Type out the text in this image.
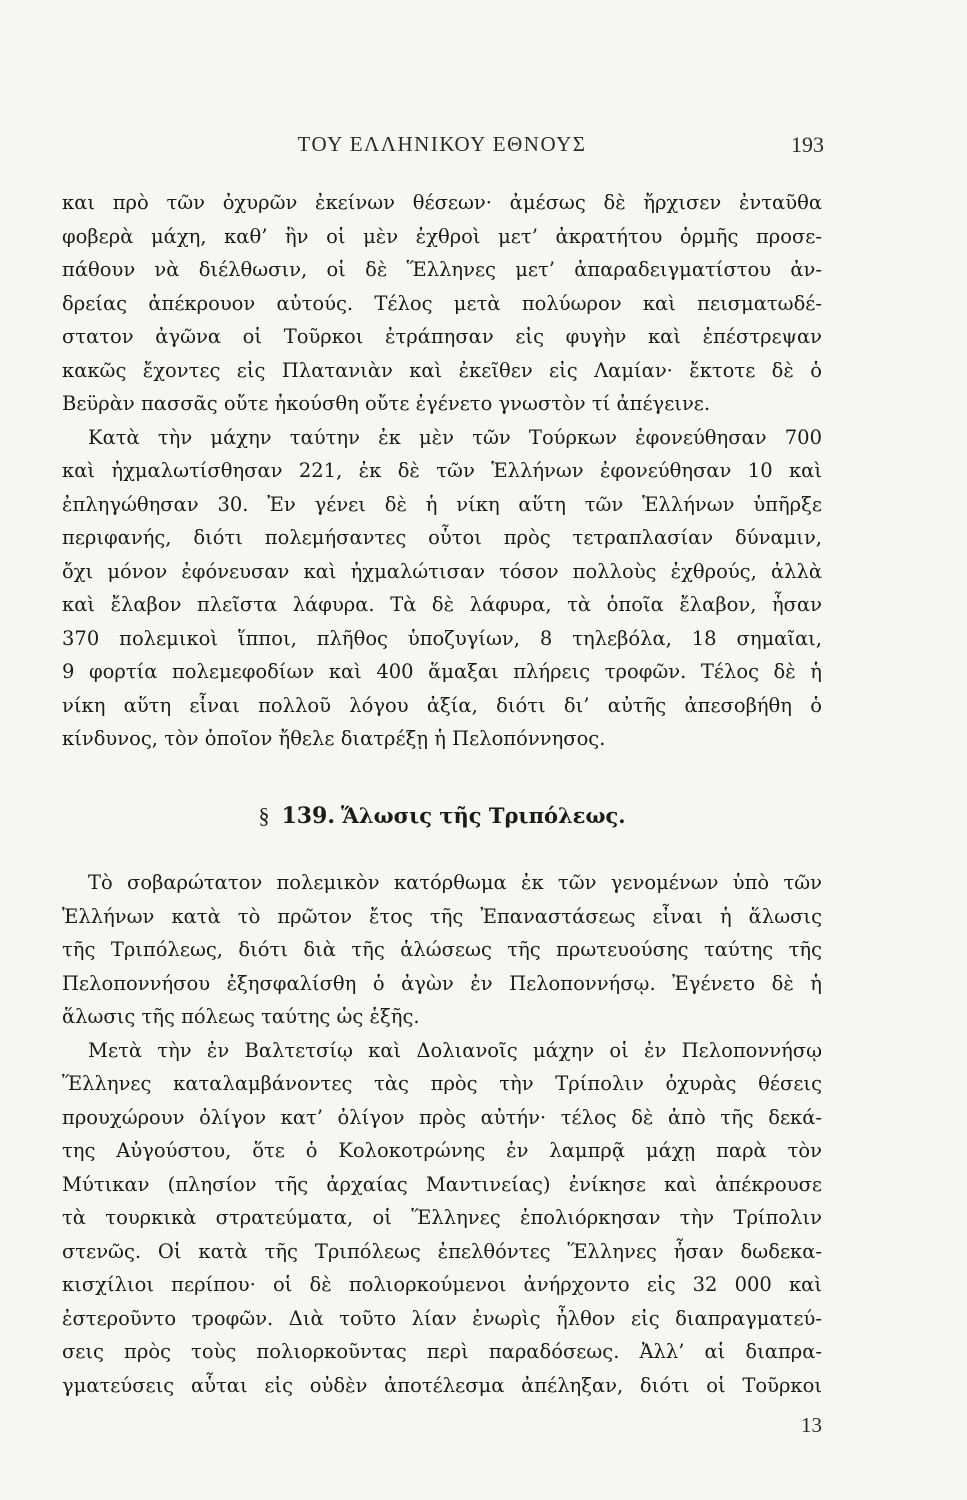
ΤΟΥ ΕΛΛΗΝΙΚΟΥ ΕΘΝΟΥΣ	193
και πρὸ τῶν ὀχυρῶν ἐκείνων θέσεων· ἀμέσως δὲ ἤρχισεν ἐνταῦθα
φοβερὰ μάχη, καθ’ ἣν οἱ μὲν ἐχθροὶ μετ’ ἀκρατήτου ὁρμῆς προσε-
πάθουν νὰ διέλθωσιν, οἱ δὲ Ἕλληνες μετ’ ἀπαραδειγματίστου ἀν-
δρείας ἀπέκρουον αὐτούς. Τέλος μετὰ πολύωρον καὶ πεισματωδέ-
στατον ἀγῶνα οἱ Τοῦρκοι ἐτράπησαν εἰς φυγὴν καὶ ἐπέστρεψαν
κακῶς ἔχοντες εἰς Πλατανιὰν καὶ ἐκεῖθεν εἰς Λαμίαν· ἔκτοτε δὲ ὁ
Βεϋρὰν πασσᾶς οὔτε ἠκούσθη οὔτε ἐγένετο γνωστὸν τί ἀπέγεινε.
Κατὰ τὴν μάχην ταύτην ἐκ μὲν τῶν Τούρκων ἐφονεύθησαν 700
καὶ ἠχμαλωτίσθησαν 221, ἐκ δὲ τῶν Ἑλλήνων ἐφονεύθησαν 10 καὶ
ἐπληγώθησαν 30. Ἐν γένει δὲ ἡ νίκη αὕτη τῶν Ἑλλήνων ὑπῆρξε
περιφανής, διότι πολεμήσαντες οὗτοι πρὸς τετραπλασίαν δύναμιν,
ὄχι μόνον ἐφόνευσαν καὶ ἠχμαλώτισαν τόσον πολλοὺς ἐχθρούς, ἀλλὰ
καὶ ἔλαβον πλεῖστα λάφυρα. Τὰ δὲ λάφυρα, τὰ ὁποῖα ἔλαβον, ἦσαν
370 πολεμικοὶ ἵπποι, πλῆθος ὑποζυγίων, 8 τηλεβόλα, 18 σημαῖαι,
9 φορτία πολεμεφοδίων καὶ 400 ἅμαξαι πλήρεις τροφῶν. Τέλος δὲ ἡ
νίκη αὕτη εἶναι πολλοῦ λόγου ἀξία, διότι δι’ αὐτῆς ἀπεσοβήθη ὁ
κίνδυνος, τὸν ὁποῖον ἤθελε διατρέξῃ ἡ Πελοπόννησος.
§ 139. Ἅλωσις τῆς Τριπόλεως.
Τὸ σοβαρώτατον πολεμικὸν κατόρθωμα ἐκ τῶν γενομένων ὑπὸ τῶν
Ἑλλήνων κατὰ τὸ πρῶτον ἔτος τῆς Ἐπαναστάσεως εἶναι ἡ ἅλωσις
τῆς Τριπόλεως, διότι διὰ τῆς ἁλώσεως τῆς πρωτευούσης ταύτης τῆς
Πελοποννήσου ἐξησφαλίσθη ὁ ἀγὼν ἐν Πελοποννήσῳ. Ἐγένετο δὲ ἡ
ἅλωσις τῆς πόλεως ταύτης ὡς ἑξῆς.
Μετὰ τὴν ἐν Βαλτετσίῳ καὶ Δολιανοῖς μάχην οἱ ἐν Πελοποννήσῳ
Ἕλληνες καταλαμβάνοντες τὰς πρὸς τὴν Τρίπολιν ὀχυρὰς θέσεις
προυχώρουν ὀλίγον κατ’ ὀλίγον πρὸς αὐτήν· τέλος δὲ ἀπὸ τῆς δεκά-
της Αὐγούστου, ὅτε ὁ Κολοκοτρώνης ἐν λαμπρᾷ μάχῃ παρὰ τὸν
Μύτικαν (πλησίον τῆς ἀρχαίας Μαντινείας) ἐνίκησε καὶ ἀπέκρουσε
τὰ τουρκικὰ στρατεύματα, οἱ Ἕλληνες ἐπολιόρκησαν τὴν Τρίπολιν
στενῶς. Οἱ κατὰ τῆς Τριπόλεως ἐπελθόντες Ἕλληνες ἦσαν δωδεκα-
κισχίλιοι περίπου· οἱ δὲ πολιορκούμενοι ἀνήρχοντο εἰς 32 000 καὶ
ἐστεροῦντο τροφῶν. Διὰ τοῦτο λίαν ἐνωρὶς ἦλθον εἰς διαπραγματεύ-
σεις πρὸς τοὺς πολιορκοῦντας περὶ παραδόσεως. Ἀλλ’ αἱ διαπρα-
γματεύσεις αὗται εἰς οὐδὲν ἀποτέλεσμα ἀπέληξαν, διότι οἱ Τοῦρκοι
13
